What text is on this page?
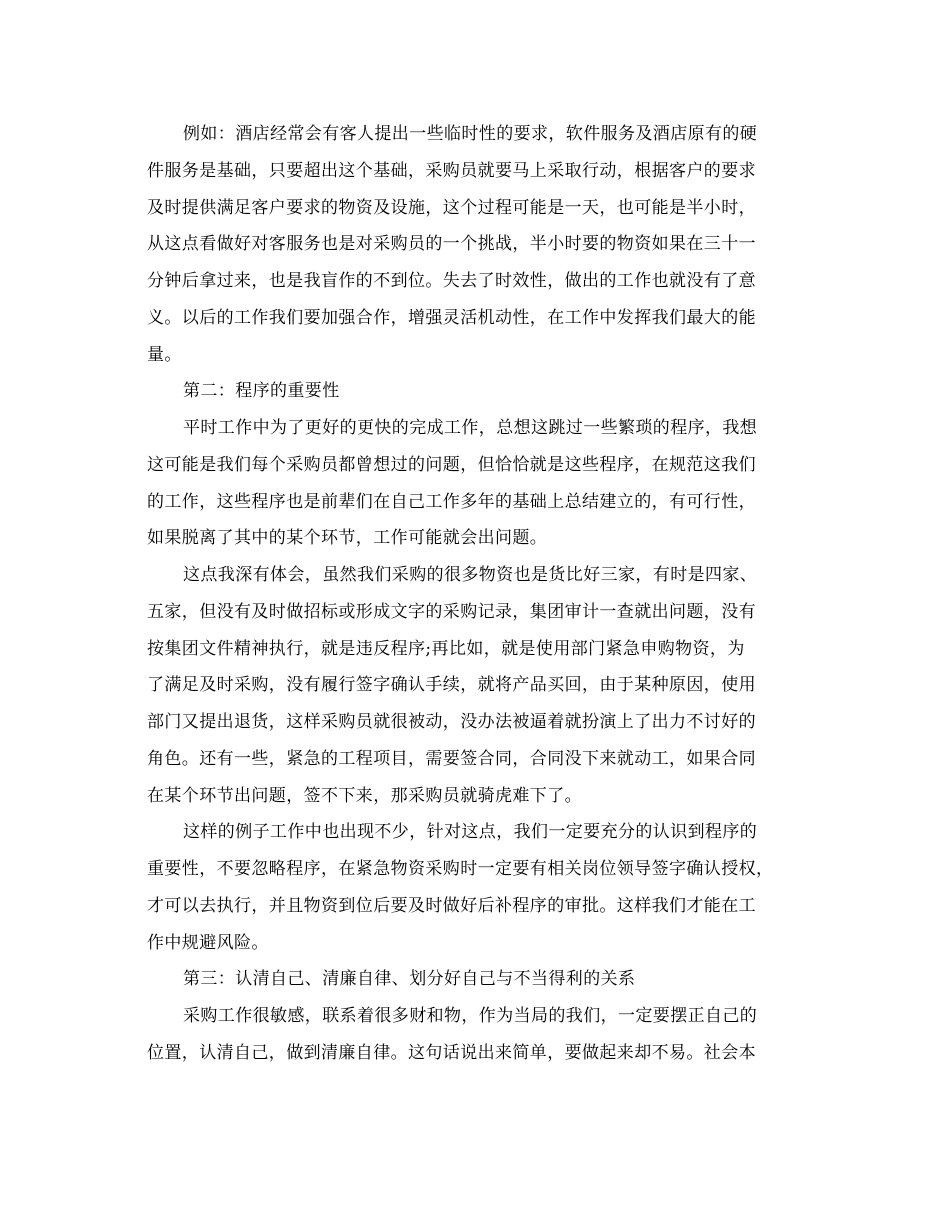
例如：酒店经常会有客人提出一些临时性的要求，软件服务及酒店原有的硬
件服务是基础，只要超出这个基础，采购员就要马上采取行动，根据客户的要求
及时提供满足客户要求的物资及设施，这个过程可能是一天，也可能是半小时，
从这点看做好对客服务也是对采购员的一个挑战，半小时要的物资如果在三十一
分钟后拿过来，也是我盲作的不到位。失去了时效性，做出的工作也就没有了意
义。以后的工作我们要加强合作，增强灵活机动性，在工作中发挥我们最大的能
量。
第二：程序的重要性
平时工作中为了更好的更快的完成工作，总想这跳过一些繁琐的程序，我想
这可能是我们每个采购员都曾想过的问题，但恰恰就是这些程序，在规范这我们
的工作，这些程序也是前辈们在自己工作多年的基础上总结建立的，有可行性，
如果脱离了其中的某个环节，工作可能就会出问题。
这点我深有体会，虽然我们采购的很多物资也是货比好三家，有时是四家、
五家，但没有及时做招标或形成文字的采购记录，集团审计一查就出问题，没有
按集团文件精神执行，就是违反程序;再比如，就是使用部门紧急申购物资，为
了满足及时采购，没有履行签字确认手续，就将产品买回，由于某种原因，使用
部门又提出退货，这样采购员就很被动，没办法被逼着就扮演上了出力不讨好的
角色。还有一些，紧急的工程项目，需要签合同，合同没下来就动工，如果合同
在某个环节出问题，签不下来，那采购员就骑虎难下了。
这样的例子工作中也出现不少，针对这点，我们一定要充分的认识到程序的
重要性，不要忽略程序，在紧急物资采购时一定要有相关岗位领导签字确认授权，
才可以去执行，并且物资到位后要及时做好后补程序的审批。这样我们才能在工
作中规避风险。
第三：认清自己、清廉自律、划分好自己与不当得利的关系
采购工作很敏感，联系着很多财和物，作为当局的我们，一定要摆正自己的
位置，认清自己，做到清廉自律。这句话说出来简单，要做起来却不易。社会本
